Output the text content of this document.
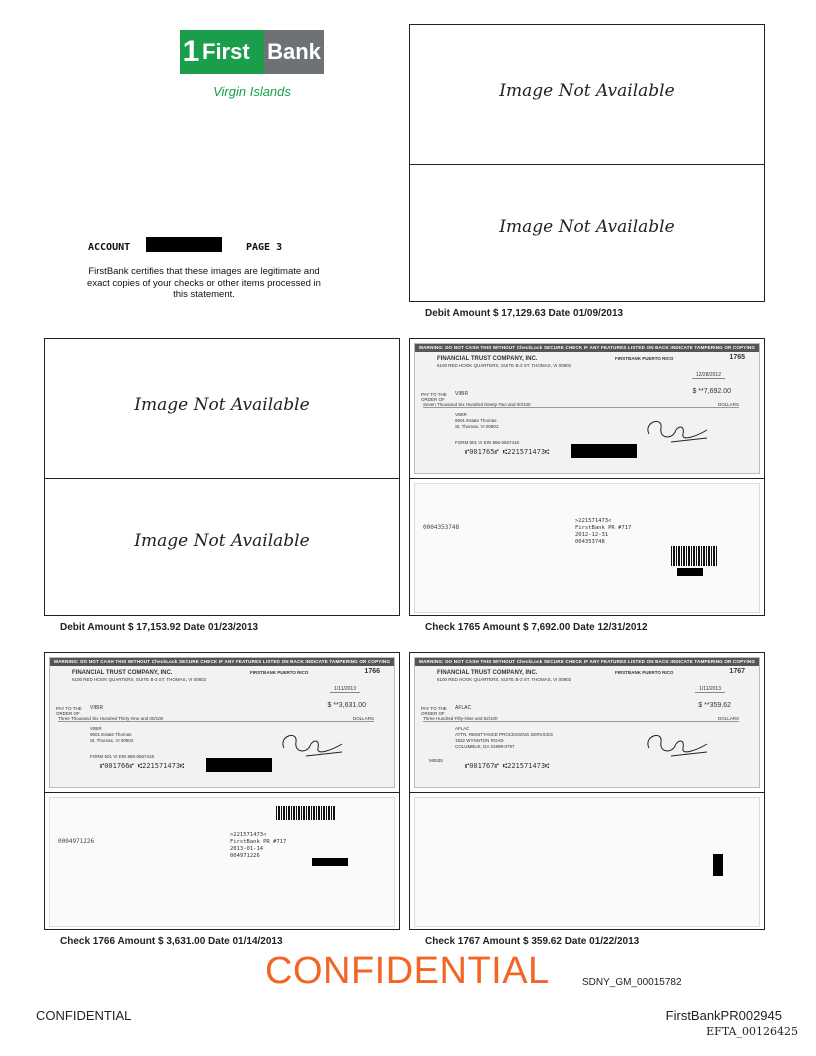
1 First Bank
Virgin Islands
ACCOUNT	PAGE 3
FirstBank certifies that these images are legitimate and exact copies of your checks or other items processed in this statement.
Image Not Available
Image Not Available
Debit Amount $ 17,129.63 Date 01/09/2013
Image Not Available
Image Not Available
Debit Amount $ 17,153.92 Date 01/23/2013
WARNING: DO NOT CASH THIS WITHOUT CheckLock SECURE CHECK IF ANY FEATURES LISTED ON BACK INDICATE TAMPERING OR COPYING
FINANCIAL TRUST COMPANY, INC.
6100 RED HOOK QUARTERS, SUITE B-3 ST. THOMAS, VI 00802
FIRSTBANK PUERTO RICO	1765
12/28/2012
PAY TO THE ORDER OF
VIBIR	$ **7,692.00
Seven Thousand Six Hundred Ninety-Two and 00/100	DOLLARS
VIBIR
9601 Estate Thomas
St. Thomas, VI 00802
FORM 501 VI EIN 866-0567418
⑈001765⑈ ⑆221571473⑆
0004353748
>221571473<
FirstBank PR #717
2012-12-31
004353748
Check 1765 Amount $ 7,692.00 Date 12/31/2012
WARNING: DO NOT CASH THIS WITHOUT CheckLock SECURE CHECK IF ANY FEATURES LISTED ON BACK INDICATE TAMPERING OR COPYING
FINANCIAL TRUST COMPANY, INC.
6100 RED HOOK QUARTERS, SUITE B-3 ST. THOMAS, VI 00802
FIRSTBANK PUERTO RICO	1766
1/11/2013
PAY TO THE ORDER OF
VIBIR	$ **3,631.00
Three Thousand Six Hundred Thirty-One and 00/100	DOLLARS
VIBIR
9601 Estate Thomas
St. Thomas, VI 00802
FORM 501 VI EIN 866-0567418
⑈001766⑈ ⑆221571473⑆
0004971226
>221571473<
FirstBank PR #717
2013-01-14
004971226
Check 1766 Amount $ 3,631.00 Date 01/14/2013
WARNING: DO NOT CASH THIS WITHOUT CheckLock SECURE CHECK IF ANY FEATURES LISTED ON BACK INDICATE TAMPERING OR COPYING
FINANCIAL TRUST COMPANY, INC.
6100 RED HOOK QUARTERS, SUITE B-3 ST. THOMAS, VI 00802
FIRSTBANK PUERTO RICO	1767
1/11/2013
PAY TO THE ORDER OF
AFLAC	$ **359.62
Three Hundred Fifty-Nine and 62/100	DOLLARS
AFLAC
ATTN: REMITTANCE PROCESSING SERVICES
1932 WYNNTON ROAD
COLUMBUS, GA 31999-0797
M0535
⑈001767⑈ ⑆221571473⑆
Check 1767 Amount $ 359.62 Date 01/22/2013
CONFIDENTIAL	SDNY_GM_00015782
CONFIDENTIAL	FirstBankPR002945
EFTA_00126425
